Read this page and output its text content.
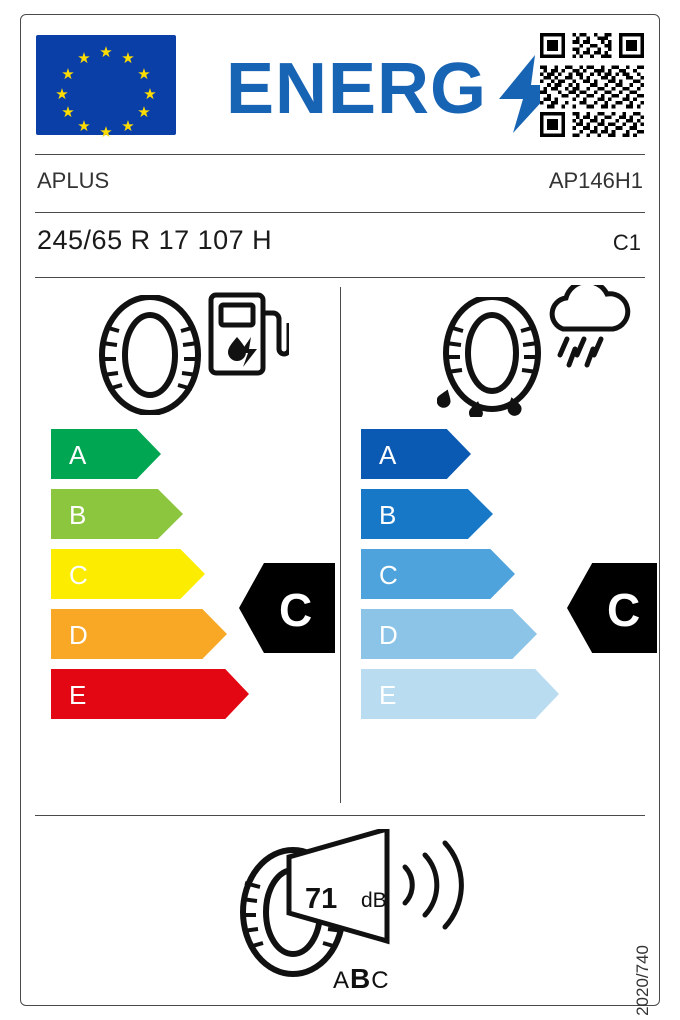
★
★ ★
★	★
★	★
★	★
★ ★
★
ENERG
APLUS	AP146H1
245/65 R 17 107 H	C1
A
B
C
D
E
C
A
B
C
D
E
C
71 dB
ABC	2020/740
